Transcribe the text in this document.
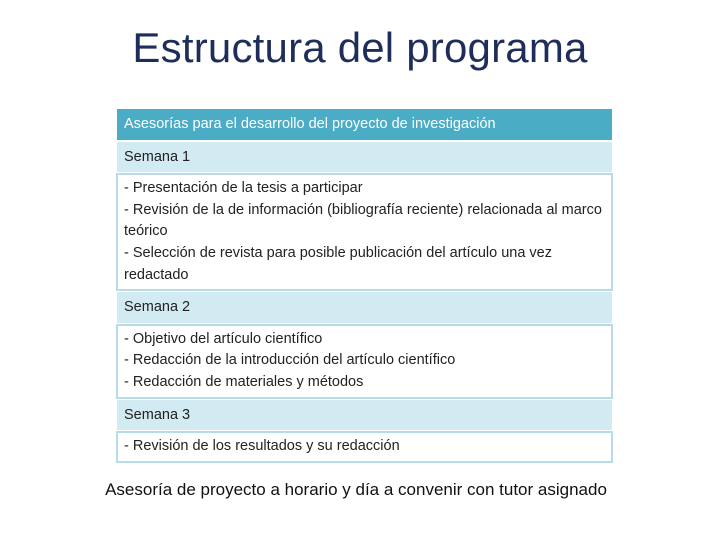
Estructura del programa
Asesorías para el desarrollo del proyecto de investigación
Semana 1

- Presentación de la tesis a participar
- Revisión de la de información (bibliografía reciente) relacionada al marco teórico
- Selección de revista para posible publicación del artículo una vez redactado

Semana 2

- Objetivo del artículo científico
- Redacción de la introducción del artículo científico
- Redacción de materiales y métodos

Semana 3

- Revisión de los resultados y su redacción
Asesoría de proyecto a horario y día a convenir con tutor asignado
